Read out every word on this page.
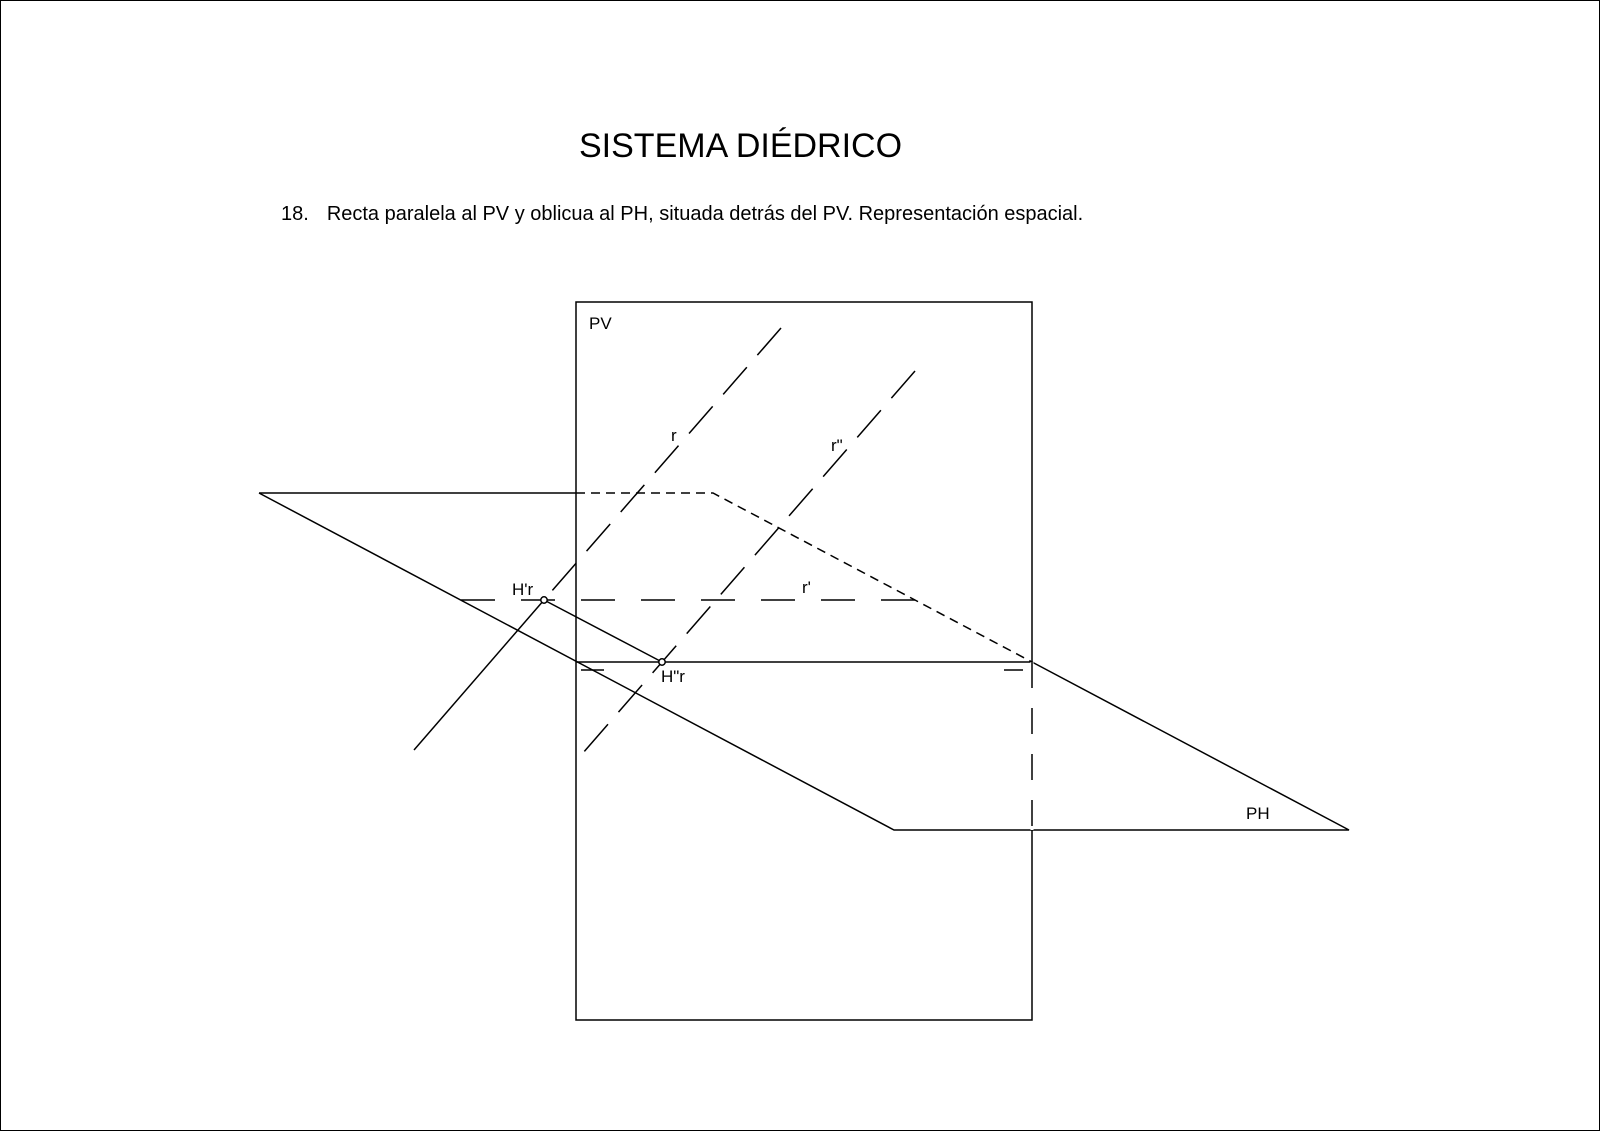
SISTEMA DIÉDRICO
18. Recta paralela al PV y oblicua al PH, situada detrás del PV. Representación espacial.
PV
PH
r
r"
r'
H'r
H"r
